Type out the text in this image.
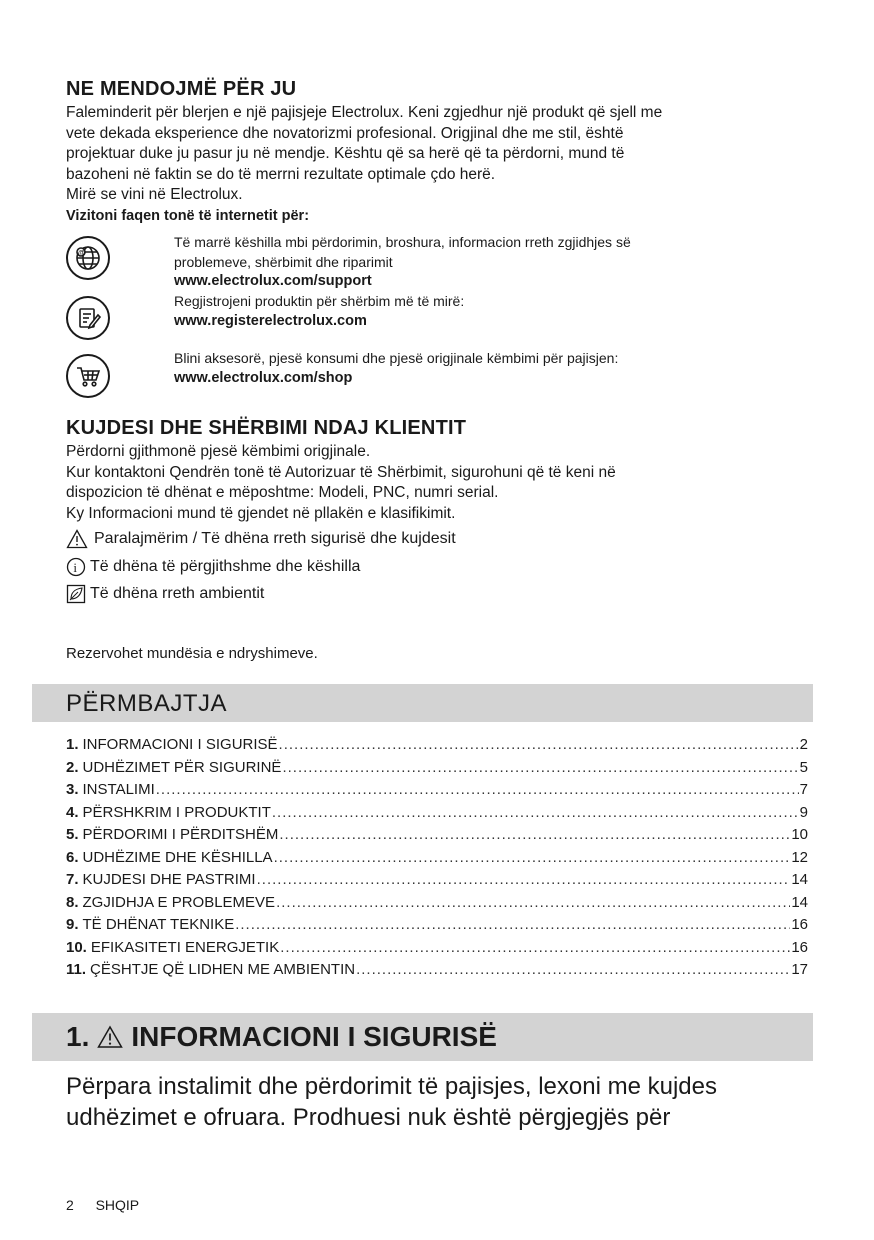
NE MENDOJMË PËR JU
Faleminderit për blerjen e një pajisjeje Electrolux. Keni zgjedhur një produkt që sjell me
vete dekada eksperience dhe novatorizmi profesional. Origjinal dhe me stil, është
projektuar duke ju pasur ju në mendje. Kështu që sa herë që ta përdorni, mund të
bazoheni në faktin se do të merrni rezultate optimale çdo herë.
Mirë se vini në Electrolux.
Vizitoni faqen tonë të internetit për:
@
Të marrë këshilla mbi përdorimin, broshura, informacion rreth zgjidhjes së
problemeve, shërbimit dhe riparimit
www.electrolux.com/support
Regjistrojeni produktin për shërbim më të mirë:
www.registerelectrolux.com
Blini aksesorë, pjesë konsumi dhe pjesë origjinale këmbimi për pajisjen:
www.electrolux.com/shop
KUJDESI DHE SHËRBIMI NDAJ KLIENTIT
Përdorni gjithmonë pjesë këmbimi origjinale.
Kur kontaktoni Qendrën tonë të Autorizuar të Shërbimit, sigurohuni që të keni në
dispozicion të dhënat e mëposhtme: Modeli, PNC, numri serial.
Ky Informacioni mund të gjendet në pllakën e klasifikimit.
Paralajmërim / Të dhëna rreth sigurisë dhe kujdesit
i Të dhëna të përgjithshme dhe këshilla
Të dhëna rreth ambientit
Rezervohet mundësia e ndryshimeve.
PËRMBAJTJA
1. INFORMACIONI I SIGURISË .....	2
2. UDHËZIMET PËR SIGURINË .....	5
3. INSTALIMI .....	7
4. PËRSHKRIM I PRODUKTIT .....	9
5. PËRDORIMI I PËRDITSHËM .....	10
6. UDHËZIME DHE KËSHILLA .....	12
7. KUJDESI DHE PASTRIMI .....	14
8. ZGJIDHJA E PROBLEMEVE .....	14
9. TË DHËNAT TEKNIKE .....	16
10. EFIKASITETI ENERGJETIK .....	16
11. ÇËSHTJE QË LIDHEN ME AMBIENTIN .....	17
1. INFORMACIONI I SIGURISË
Përpara instalimit dhe përdorimit të pajisjes, lexoni me kujdes
udhëzimet e ofruara. Prodhuesi nuk është përgjegjës për
2 SHQIP
